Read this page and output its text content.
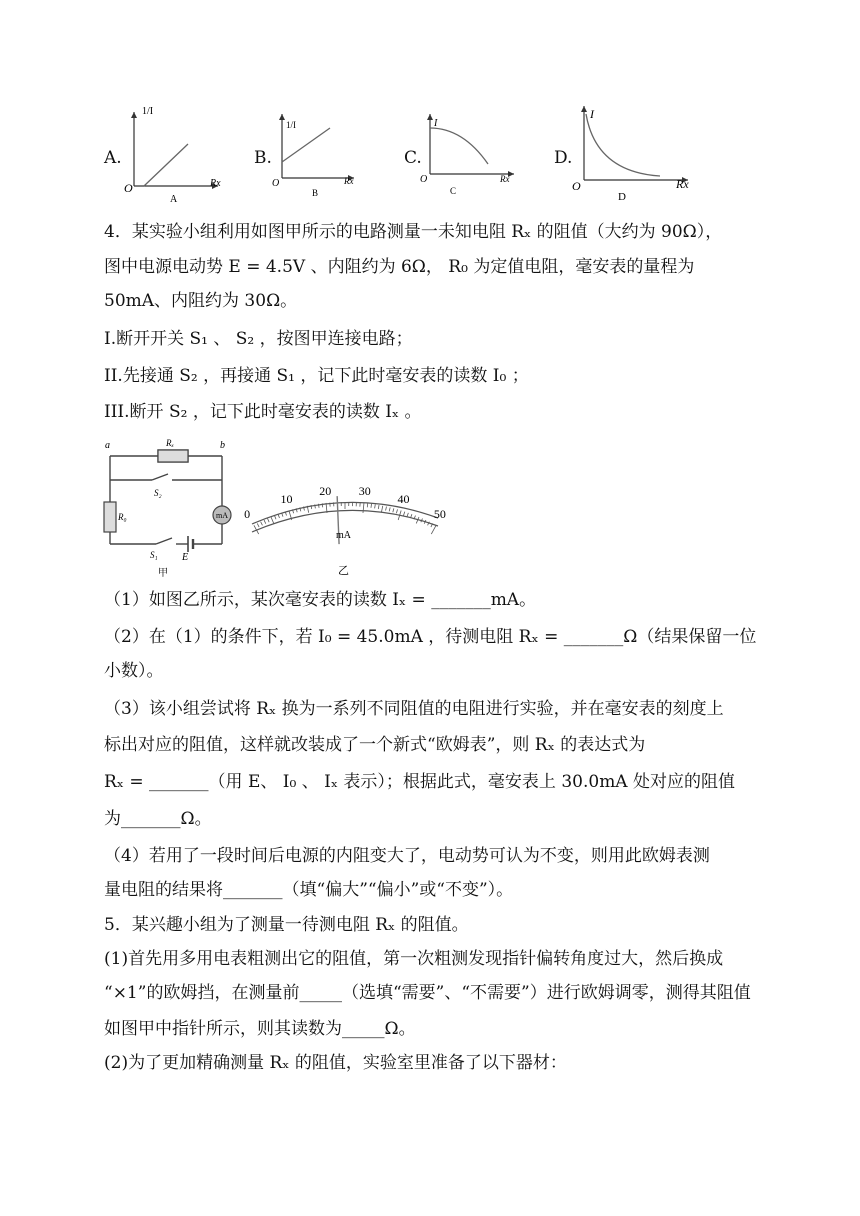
A.
1/I
Rx
O
A
B.
1/I
Rx
O
B
C.
I
Rx
O
C
D.
I
Rx
O
D
4．某实验小组利用如图甲所示的电路测量一未知电阻 Rₓ 的阻值（大约为 90Ω），
图中电源电动势 E = 4.5V 、内阻约为 6Ω， R₀ 为定值电阻，毫安表的量程为
50mA、内阻约为 30Ω。
I.断开开关 S₁ 、 S₂ ，按图甲连接电路；
II.先接通 S₂ ，再接通 S₁ ，记下此时毫安表的读数 I₀ ；
III.断开 S₂ ，记下此时毫安表的读数 Iₓ 。
mA
a	b
Rₓ
R₀
S₂
S₁ E
甲
0
10
20 30
40
50
mA
乙
（1）如图乙所示，某次毫安表的读数 Iₓ = _______mA。
（2）在（1）的条件下，若 I₀ = 45.0mA ，待测电阻 Rₓ = _______Ω（结果保留一位
小数）。
（3）该小组尝试将 Rₓ 换为一系列不同阻值的电阻进行实验，并在毫安表的刻度上
标出对应的阻值，这样就改装成了一个新式“欧姆表”，则 Rₓ 的表达式为
Rₓ = _______（用 E、 I₀ 、 Iₓ 表示）；根据此式，毫安表上 30.0mA 处对应的阻值
为_______Ω。
（4）若用了一段时间后电源的内阻变大了，电动势可认为不变，则用此欧姆表测
量电阻的结果将_______（填“偏大”“偏小”或“不变”）。
5．某兴趣小组为了测量一待测电阻 Rₓ 的阻值。
(1)首先用多用电表粗测出它的阻值，第一次粗测发现指针偏转角度过大，然后换成
“×1”的欧姆挡，在测量前_____（选填“需要”、“不需要”）进行欧姆调零，测得其阻值
如图甲中指针所示，则其读数为_____Ω。
(2)为了更加精确测量 Rₓ 的阻值，实验室里准备了以下器材：
